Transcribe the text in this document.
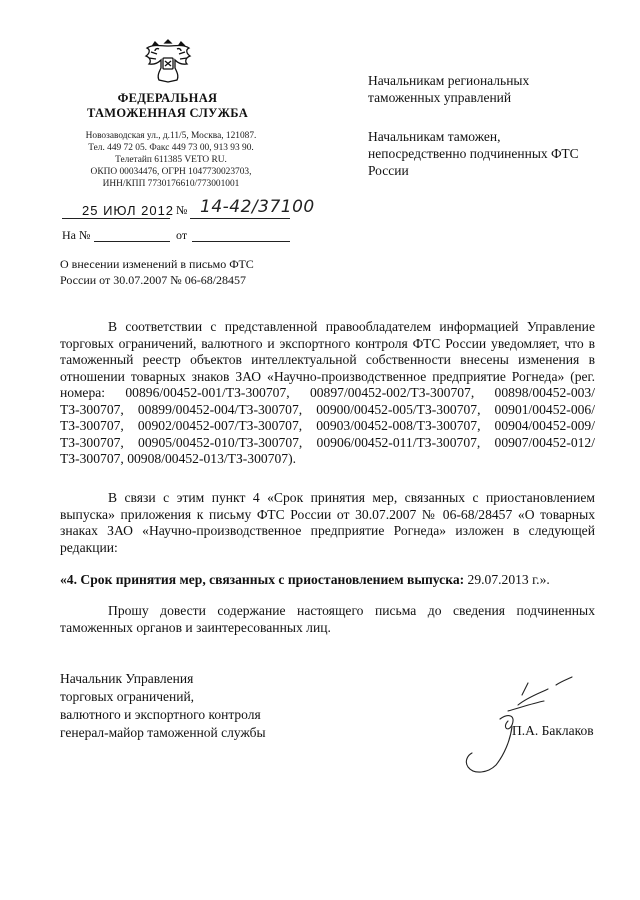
ФЕДЕРАЛЬНАЯ
ТАМОЖЕННАЯ СЛУЖБА
Новозаводская ул., д.11/5, Москва, 121087.
Тел. 449 72 05. Факс 449 73 00, 913 93 90.
Телетайп 611385 VETO RU.
ОКПО 00034476, ОГРН 1047730023703,
ИНН/КПП 7730176610/773001001
25 ИЮЛ 2012 № 14-42/37100
На №	от
О внесении изменений в письмо ФТС России от 30.07.2007 № 06-68/28457
Начальникам региональных таможенных управлений
Начальникам таможен, непосредственно подчиненных ФТС России

В соответствии с представленной правообладателем информацией Управление торговых ограничений, валютного и экспортного контроля ФТС России уведомляет, что в таможенный реестр объектов интеллектуальной собственности внесены изменения в отношении товарных знаков ЗАО «Научно-производственное предприятие Рогнеда» (рег. номера: 00896/00452-001/ТЗ-300707, 00897/00452-002/ТЗ-300707, 00898/00452-003/ТЗ-300707, 00899/00452-004/ТЗ-300707, 00900/00452-005/ТЗ-300707, 00901/00452-006/ТЗ-300707, 00902/00452-007/ТЗ-300707, 00903/00452-008/ТЗ-300707, 00904/00452-009/ТЗ-300707, 00905/00452-010/ТЗ-300707, 00906/00452-011/ТЗ-300707, 00907/00452-012/ТЗ-300707, 00908/00452-013/ТЗ-300707).

В связи с этим пункт 4 «Срок принятия мер, связанных с приостановлением выпуска» приложения к письму ФТС России от 30.07.2007 № 06-68/28457 «О товарных знаках ЗАО «Научно-производственное предприятие Рогнеда» изложен в следующей редакции:

«4. Срок принятия мер, связанных с приостановлением выпуска: 29.07.2013 г.».

Прошу довести содержание настоящего письма до сведения подчиненных таможенных органов и заинтересованных лиц.

Начальник Управления
торговых ограничений,
валютного и экспортного контроля
генерал-майор таможенной службы	П.А. Баклаков
